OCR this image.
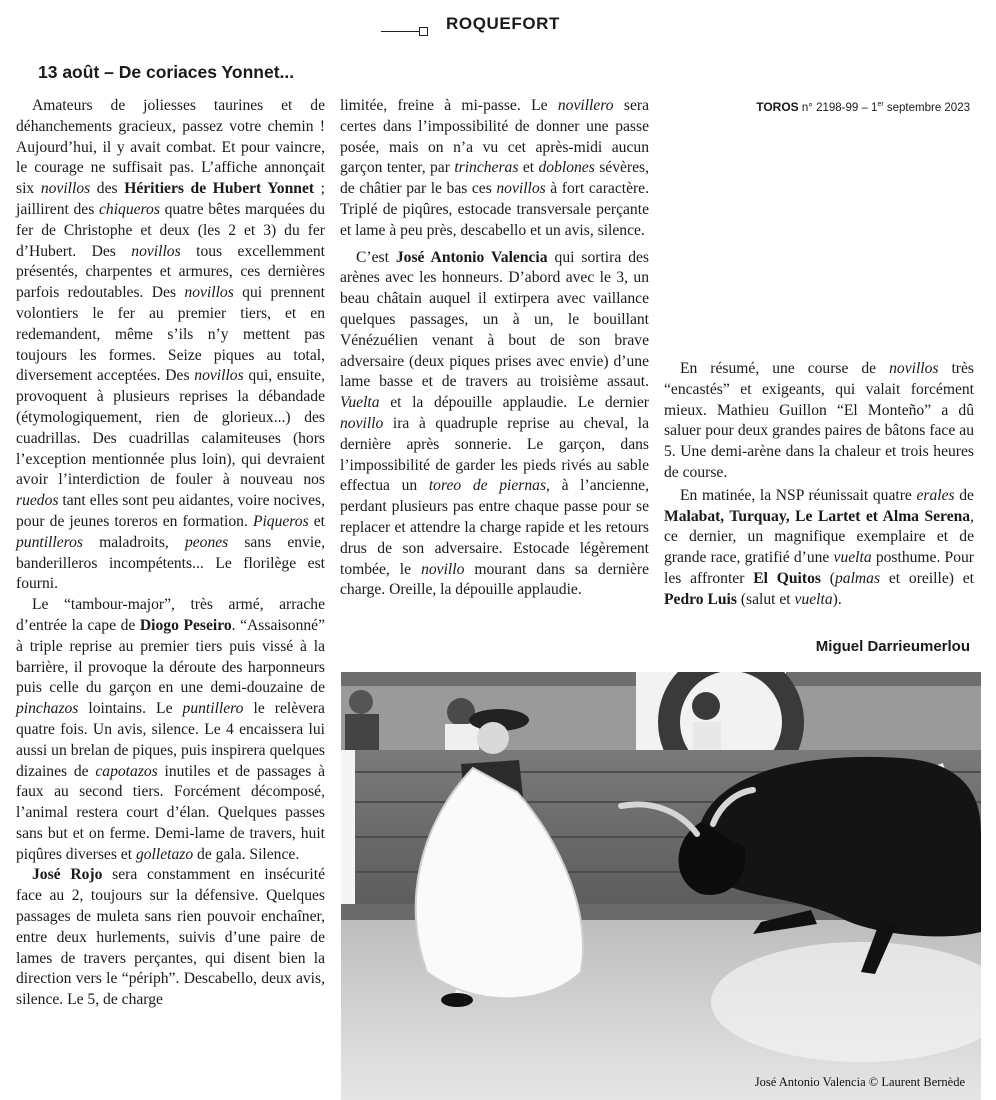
ROQUEFORT
13 août – De coriaces Yonnet...
TOROS n° 2198-99 – 1er septembre 2023

Amateurs de joliesses taurines et de déhanchements gracieux, passez votre chemin ! Aujourd’hui, il y avait combat. Et pour vaincre, le courage ne suffisait pas. L’affiche annonçait six novillos des Héritiers de Hubert Yonnet ; jaillirent des chiqueros quatre bêtes marquées du fer de Christophe et deux (les 2 et 3) du fer d’Hubert. Des novillos tous excellemment présentés, charpentes et armures, ces dernières parfois redoutables. Des novillos qui prennent volontiers le fer au premier tiers, et en redemandent, même s’ils n’y mettent pas toujours les formes. Seize piques au total, diversement acceptées. Des novillos qui, ensuite, provoquent à plusieurs reprises la débandade (étymologiquement, rien de glorieux...) des cuadrillas. Des cuadrillas calamiteuses (hors l’exception mentionnée plus loin), qui devraient avoir l’interdiction de fouler à nouveau nos ruedos tant elles sont peu aidantes, voire nocives, pour de jeunes toreros en formation. Piqueros et puntilleros maladroits, peones sans envie, banderilleros incompétents... Le florilège est fourni.

Le “tambour-major”, très armé, arrache d’entrée la cape de Diogo Peseiro. “Assaisonné” à triple reprise au premier tiers puis vissé à la barrière, il provoque la déroute des harponneurs puis celle du garçon en une demi-douzaine de pinchazos lointains. Le puntillero le relèvera quatre fois. Un avis, silence. Le 4 encaissera lui aussi un brelan de piques, puis inspirera quelques dizaines de capotazos inutiles et de passages à faux au second tiers. Forcément décomposé, l’animal restera court d’élan. Quelques passes sans but et on ferme. Demi-lame de travers, huit piqûres diverses et golletazo de gala. Silence.

José Rojo sera constamment en insécurité face au 2, toujours sur la défensive. Quelques passages de muleta sans rien pouvoir enchaîner, entre deux hurlements, suivis d’une paire de lames de travers perçantes, qui disent bien la direction vers le “périph”. Descabello, deux avis, silence. Le 5, de charge

limitée, freine à mi-passe. Le novillero sera certes dans l’impossibilité de donner une passe posée, mais on n’a vu cet après-midi aucun garçon tenter, par trincheras et doblones sévères, de châtier par le bas ces novillos à fort caractère. Triplé de piqûres, estocade transversale perçante et lame à peu près, descabello et un avis, silence.

C’est José Antonio Valencia qui sortira des arènes avec les honneurs. D’abord avec le 3, un beau châtain auquel il extirpera avec vaillance quelques passages, un à un, le bouillant Vénézuélien venant à bout de son brave adversaire (deux piques prises avec envie) d’une lame basse et de travers au troisième assaut. Vuelta et la dépouille applaudie. Le dernier novillo ira à quadruple reprise au cheval, la dernière après sonnerie. Le garçon, dans l’impossibilité de garder les pieds rivés au sable effectua un toreo de piernas, à l’ancienne, perdant plusieurs pas entre chaque passe pour se replacer et attendre la charge rapide et les retours drus de son adversaire. Estocade légèrement tombée, le novillo mourant dans sa dernière charge. Oreille, la dépouille applaudie.

En résumé, une course de novillos très “encastés” et exigeants, qui valait forcément mieux. Mathieu Guillon “El Monteño” a dû saluer pour deux grandes paires de bâtons face au 5. Une demi-arène dans la chaleur et trois heures de course.

En matinée, la NSP réunissait quatre erales de Malabat, Turquay, Le Lartet et Alma Serena, ce dernier, un magnifique exemplaire et de grande race, gratifié d’une vuelta posthume. Pour les affronter El Quitos (palmas et oreille) et Pedro Luis (salut et vuelta).

Miguel Darrieumerlou
José Antonio Valencia © Laurent Bernède
